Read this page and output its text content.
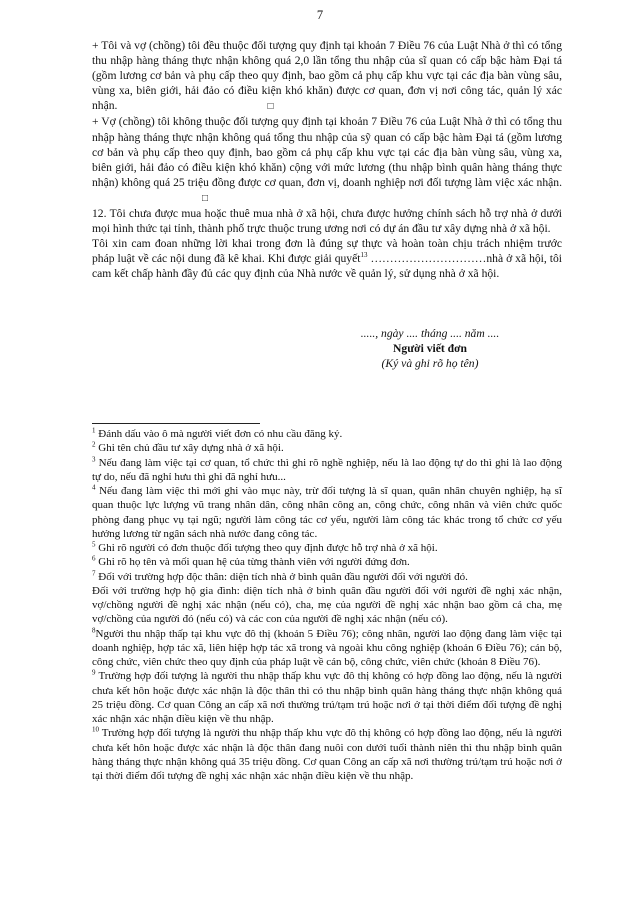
7

+ Tôi và vợ (chồng) tôi đều thuộc đối tượng quy định tại khoản 7 Điều 76 của Luật Nhà ở thì có tổng thu nhập hàng tháng thực nhận không quá 2,0 lần tổng thu nhập của sĩ quan có cấp bậc hàm Đại tá (gồm lương cơ bản và phụ cấp theo quy định, bao gồm cả phụ cấp khu vực tại các địa bàn vùng sâu, vùng xa, biên giới, hải đảo có điều kiện khó khăn) được cơ quan, đơn vị nơi công tác, quản lý xác nhận.	□

+ Vợ (chồng) tôi không thuộc đối tượng quy định tại khoản 7 Điều 76 của Luật Nhà ở thì có tổng thu nhập hàng tháng thực nhận không quá tổng thu nhập của sỹ quan có cấp bậc hàm Đại tá (gồm lương cơ bản và phụ cấp theo quy định, bao gồm cả phụ cấp khu vực tại các địa bàn vùng sâu, vùng xa, biên giới, hải đảo có điều kiện khó khăn) cộng với mức lương (thu nhập bình quân hàng tháng thực nhận) không quá 25 triệu đồng được cơ quan, đơn vị, doanh nghiệp nơi đối tượng làm việc xác nhận.□

12. Tôi chưa được mua hoặc thuê mua nhà ở xã hội, chưa được hưởng chính sách hỗ trợ nhà ở dưới mọi hình thức tại tỉnh, thành phố trực thuộc trung ương nơi có dự án đầu tư xây dựng nhà ở xã hội.

Tôi xin cam đoan những lời khai trong đơn là đúng sự thực và hoàn toàn chịu trách nhiệm trước pháp luật về các nội dung đã kê khai. Khi được giải quyết$^{13}$ …………………………nhà ở xã hội, tôi cam kết chấp hành đầy đủ các quy định của Nhà nước về quản lý, sử dụng nhà ở xã hội.

....., ngày .... tháng .... năm ....
Người viết đơn
(Ký và ghi rõ họ tên)

$^1$ Đánh dấu vào ô mà người viết đơn có nhu cầu đăng ký.

$^2$ Ghi tên chủ đầu tư xây dựng nhà ở xã hội.

$^3$ Nếu đang làm việc tại cơ quan, tổ chức thì ghi rõ nghề nghiệp, nếu là lao động tự do thì ghi là lao động tự do, nếu đã nghỉ hưu thì ghi đã nghỉ hưu...

$^4$ Nếu đang làm việc thì mới ghi vào mục này, trừ đối tượng là sĩ quan, quân nhân chuyên nghiệp, hạ sĩ quan thuộc lực lượng vũ trang nhân dân, công nhân công an, công chức, công nhân và viên chức quốc phòng đang phục vụ tại ngũ; người làm công tác cơ yếu, người làm công tác khác trong tổ chức cơ yếu hưởng lương từ ngân sách nhà nước đang công tác.

$^5$ Ghi rõ người có đơn thuộc đối tượng theo quy định được hỗ trợ nhà ở xã hội.

$^6$ Ghi rõ họ tên và mối quan hệ của từng thành viên với người đứng đơn.

$^7$ Đối với trường hợp độc thân: diện tích nhà ở bình quân đầu người đối với người đó.

Đối với trường hợp hộ gia đình: diện tích nhà ở bình quân đầu người đối với người đề nghị xác nhận, vợ/chồng người đề nghị xác nhận (nếu có), cha, mẹ của người đề nghị xác nhận bao gồm cả cha, mẹ vợ/chồng của người đó (nếu có) và các con của người đề nghị xác nhận (nếu có).

$^8$Người thu nhập thấp tại khu vực đô thị (khoản 5 Điều 76); công nhân, người lao động đang làm việc tại doanh nghiệp, hợp tác xã, liên hiệp hợp tác xã trong và ngoài khu công nghiệp (khoản 6 Điều 76); cán bộ, công chức, viên chức theo quy định của pháp luật về cán bộ, công chức, viên chức (khoản 8 Điều 76).

$^9$ Trường hợp đối tượng là người thu nhập thấp khu vực đô thị không có hợp đồng lao động, nếu là người chưa kết hôn hoặc được xác nhận là độc thân thì có thu nhập bình quân hàng tháng thực nhận không quá 25 triệu đồng. Cơ quan Công an cấp xã nơi thường trú/tạm trú hoặc nơi ở tại thời điểm đối tượng đề nghị xác nhận xác nhận điều kiện về thu nhập.

$^{10}$ Trường hợp đối tượng là người thu nhập thấp khu vực đô thị không có hợp đồng lao động, nếu là người chưa kết hôn hoặc được xác nhận là độc thân đang nuôi con dưới tuổi thành niên thì thu nhập bình quân hàng tháng thực nhận không quá 35 triệu đồng. Cơ quan Công an cấp xã nơi thường trú/tạm trú hoặc nơi ở tại thời điểm đối tượng đề nghị xác nhận xác nhận điều kiện về thu nhập.
